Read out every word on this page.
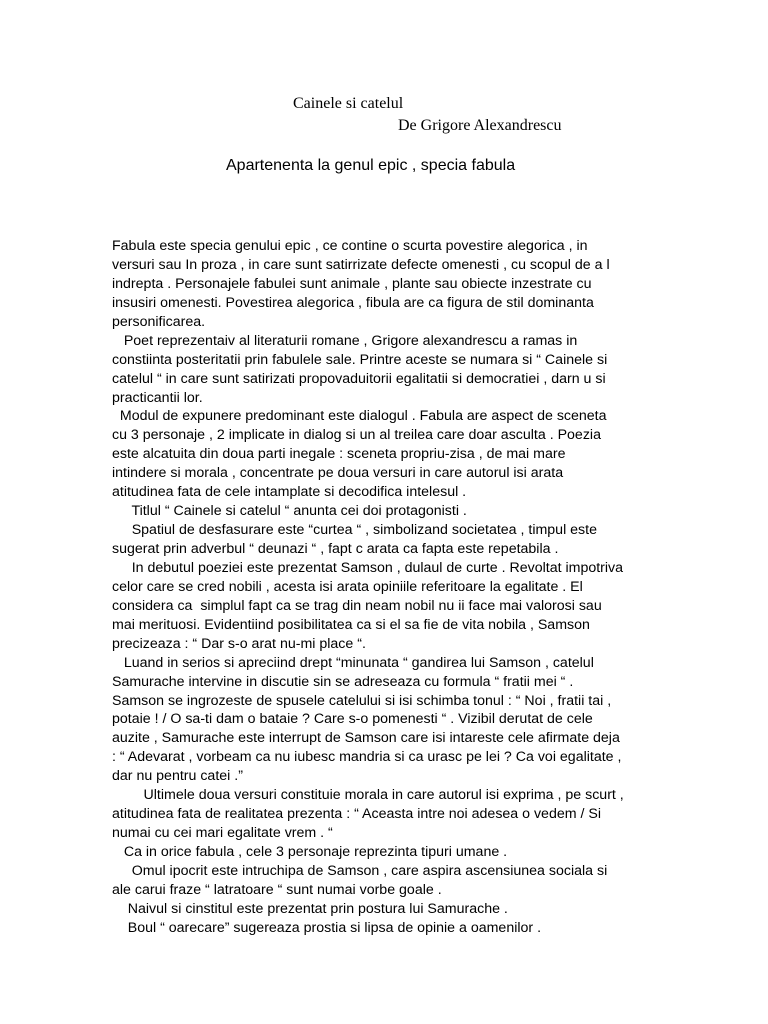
Cainele si catelul

De Grigore Alexandrescu

Apartenenta la genul epic , specia fabula

Fabula este specia genului epic , ce contine o scurta povestire alegorica , in
versuri sau In proza , in care sunt satirrizate defecte omenesti , cu scopul de a l
indrepta . Personajele fabulei sunt animale , plante sau obiecte inzestrate cu
insusiri omenesti. Povestirea alegorica , fibula are ca figura de stil dominanta
personificarea.
Poet reprezentaiv al literaturii romane , Grigore alexandrescu a ramas in
constiinta posteritatii prin fabulele sale. Printre aceste se numara si “ Cainele si
catelul “ in care sunt satirizati propovaduitorii egalitatii si democratiei , darn u si
practicantii lor.
Modul de expunere predominant este dialogul . Fabula are aspect de sceneta
cu 3 personaje , 2 implicate in dialog si un al treilea care doar asculta . Poezia
este alcatuita din doua parti inegale : sceneta propriu-zisa , de mai mare
intindere si morala , concentrate pe doua versuri in care autorul isi arata
atitudinea fata de cele intamplate si decodifica intelesul .
Titlul “ Cainele si catelul “ anunta cei doi protagonisti .
Spatiul de desfasurare este “curtea “ , simbolizand societatea , timpul este
sugerat prin adverbul “ deunazi “ , fapt c arata ca fapta este repetabila .
In debutul poeziei este prezentat Samson , dulaul de curte . Revoltat impotriva
celor care se cred nobili , acesta isi arata opiniile referitoare la egalitate . El
considera ca  simplul fapt ca se trag din neam nobil nu ii face mai valorosi sau
mai merituosi. Evidentiind posibilitatea ca si el sa fie de vita nobila , Samson
precizeaza : “ Dar s-o arat nu-mi place “.
Luand in serios si apreciind drept “minunata “ gandirea lui Samson , catelul
Samurache intervine in discutie sin se adreseaza cu formula “ fratii mei “ .
Samson se ingrozeste de spusele catelului si isi schimba tonul : “ Noi , fratii tai ,
potaie ! / O sa-ti dam o bataie ? Care s-o pomenesti “ . Vizibil derutat de cele
auzite , Samurache este interrupt de Samson care isi intareste cele afirmate deja
: “ Adevarat , vorbeam ca nu iubesc mandria si ca urasc pe lei ? Ca voi egalitate ,
dar nu pentru catei .”
Ultimele doua versuri constituie morala in care autorul isi exprima , pe scurt ,
atitudinea fata de realitatea prezenta : “ Aceasta intre noi adesea o vedem / Si
numai cu cei mari egalitate vrem . “
Ca in orice fabula , cele 3 personaje reprezinta tipuri umane .
Omul ipocrit este intruchipa de Samson , care aspira ascensiunea sociala si
ale carui fraze “ latratoare “ sunt numai vorbe goale .
Naivul si cinstitul este prezentat prin postura lui Samurache .
Boul “ oarecare” sugereaza prostia si lipsa de opinie a oamenilor .
